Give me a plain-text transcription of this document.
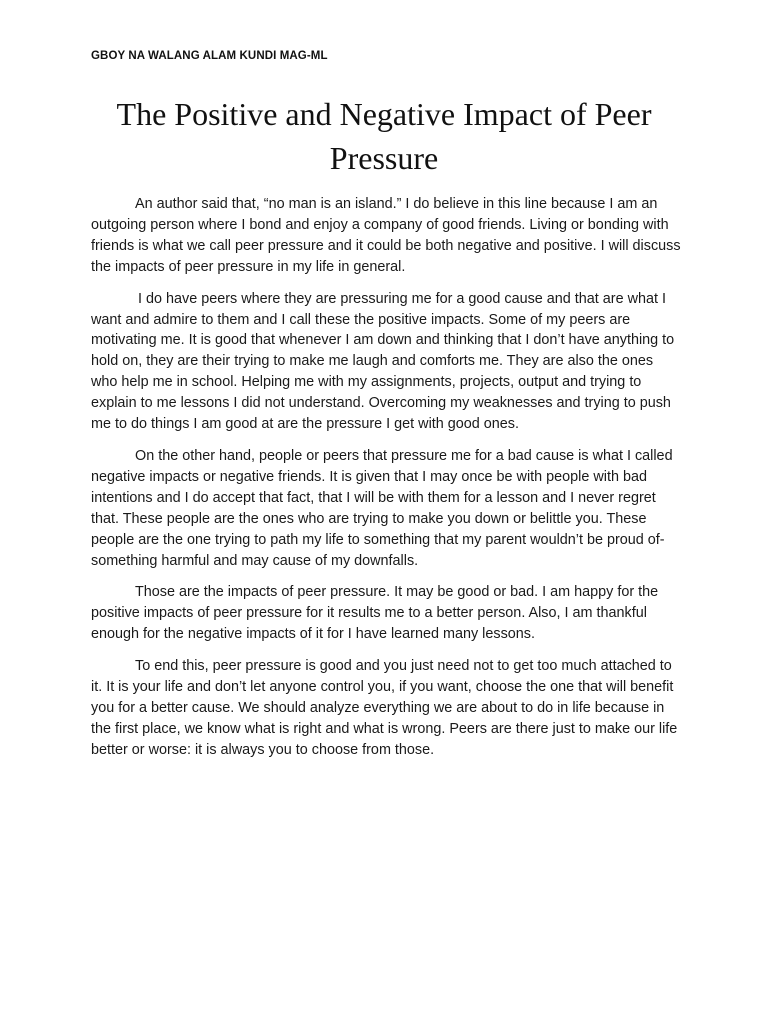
GBOY NA WALANG ALAM KUNDI MAG-ML
The Positive and Negative Impact of Peer Pressure

An author said that, “no man is an island.” I do believe in this line because I am an outgoing person where I bond and enjoy a company of good friends. Living or bonding with friends is what we call peer pressure and it could be both negative and positive. I will discuss the impacts of peer pressure in my life in general.

I do have peers where they are pressuring me for a good cause and that are what I want and admire to them and I call these the positive impacts. Some of my peers are motivating me. It is good that whenever I am down and thinking that I don’t have anything to hold on, they are their trying to make me laugh and comforts me. They are also the ones who help me in school. Helping me with my assignments, projects, output and trying to explain to me lessons I did not understand. Overcoming my weaknesses and trying to push me to do things I am good at are the pressure I get with good ones.

On the other hand, people or peers that pressure me for a bad cause is what I called negative impacts or negative friends. It is given that I may once be with people with bad intentions and I do accept that fact, that I will be with them for a lesson and I never regret that. These people are the ones who are trying to make you down or belittle you. These people are the one trying to path my life to something that my parent wouldn’t be proud of- something harmful and may cause of my downfalls.

Those are the impacts of peer pressure. It may be good or bad. I am happy for the positive impacts of peer pressure for it results me to a better person. Also, I am thankful enough for the negative impacts of it for I have learned many lessons.

To end this, peer pressure is good and you just need not to get too much attached to it. It is your life and don’t let anyone control you, if you want, choose the one that will benefit you for a better cause. We should analyze everything we are about to do in life because in the first place, we know what is right and what is wrong. Peers are there just to make our life better or worse: it is always you to choose from those.
